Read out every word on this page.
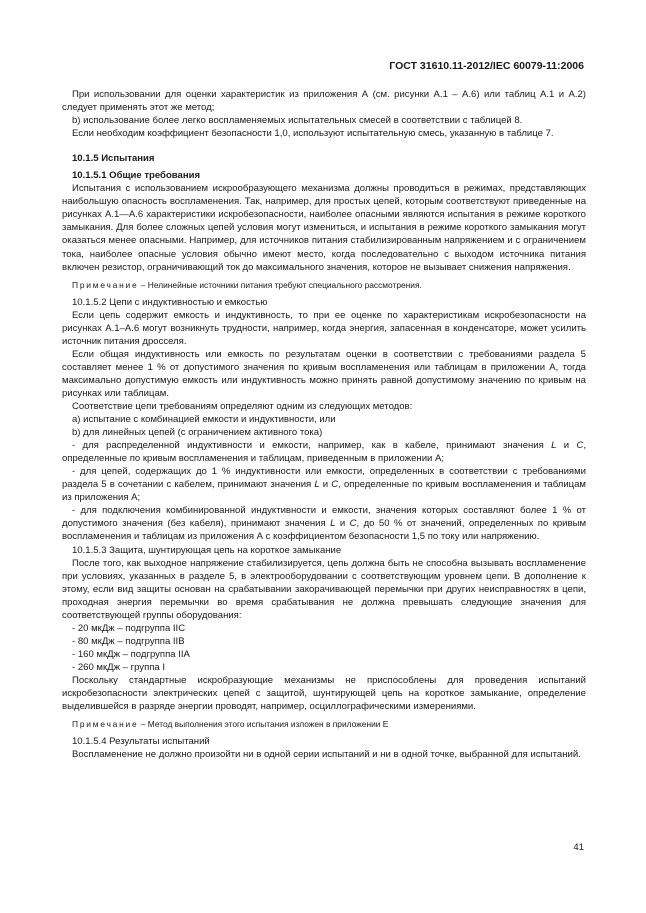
ГОСТ 31610.11-2012/IEC 60079-11:2006

При использовании для оценки характеристик из приложения А (см. рисунки А.1 – А.6) или таблиц А.1 и А.2) следует применять этот же метод;

b) использование более легко воспламеняемых испытательных смесей в соответствии с таблицей 8.

Если необходим коэффициент безопасности 1,0, используют испытательную смесь, указанную в таблице 7.

10.1.5 Испытания

10.1.5.1 Общие требования

Испытания с использованием искрообразующего механизма должны проводиться в режимах, представляющих наибольшую опасность воспламенения. Так, например, для простых цепей, которым соответствуют приведенные на рисунках А.1—А.6 характеристики искробезопасности, наиболее опасными являются испытания в режиме короткого замыкания. Для более сложных цепей условия могут измениться, и испытания в режиме короткого замыкания могут оказаться менее опасными. Например, для источников питания стабилизированным напряжением и с ограничением тока, наиболее опасные условия обычно имеют место, когда последовательно с выходом источника питания включен резистор, ограничивающий ток до максимального значения, которое не вызывает снижения напряжения.

Примечание – Нелинейные источники питания требуют специального рассмотрения.

10.1.5.2 Цепи с индуктивностью и емкостью

Если цепь содержит емкость и индуктивность, то при ее оценке по характеристикам искробезопасности на рисунках А.1–А.6 могут возникнуть трудности, например, когда энергия, запасенная в конденсаторе, может усилить источник питания дросселя.

Если общая индуктивность или емкость по результатам оценки в соответствии с требованиями раздела 5 составляет менее 1 % от допустимого значения по кривым воспламенения или таблицам в приложении А, тогда максимально допустимую емкость или индуктивность можно принять равной допустимому значению по кривым на рисунках или таблицам.

Соответствие цепи требованиям определяют одним из следующих методов:

а) испытание с комбинацией емкости и индуктивности, или

b) для линейных цепей (с ограничением активного тока)

- для распределенной индуктивности и емкости, например, как в кабеле, принимают значения L и C, определенные по кривым воспламенения и таблицам, приведенным в приложении А;

- для цепей, содержащих до 1 % индуктивности или емкости, определенных в соответствии с требованиями раздела 5 в сочетании с кабелем, принимают значения L и C, определенные по кривым воспламенения и таблицам из приложения А;

- для подключения комбинированной индуктивности и емкости, значения которых составляют более 1 % от допустимого значения (без кабеля), принимают значения L и C, до 50 % от значений, определенных по кривым воспламенения и таблицам из приложения А с коэффициентом безопасности 1,5 по току или напряжению.

10.1.5.3 Защита, шунтирующая цепь на короткое замыкание

После того, как выходное напряжение стабилизируется, цепь должна быть не способна вызывать воспламенение при условиях, указанных в разделе 5, в электрооборудовании с соответствующим уровнем цепи. В дополнение к этому, если вид защиты основан на срабатывании закорачивающей перемычки при других неисправностях в цепи, проходная энергия перемычки во время срабатывания не должна превышать следующие значения для соответствующей группы оборудования:

- 20 мкДж – подгруппа IIC

- 80 мкДж – подгруппа IIB

- 160 мкДж – подгруппа IIA

- 260 мкДж – группа I

Поскольку стандартные искробразующие механизмы не приспособлены для проведения испытаний искробезопасности электрических цепей с защитой, шунтирующей цепь на короткое замыкание, определение выделившейся в разряде энергии проводят, например, осциллографическими измерениями.

Примечание – Метод выполнения этого испытания изложен в приложении Е

10.1.5.4 Результаты испытаний

Воспламенение не должно произойти ни в одной серии испытаний и ни в одной точке, выбранной для испытаний.

41
